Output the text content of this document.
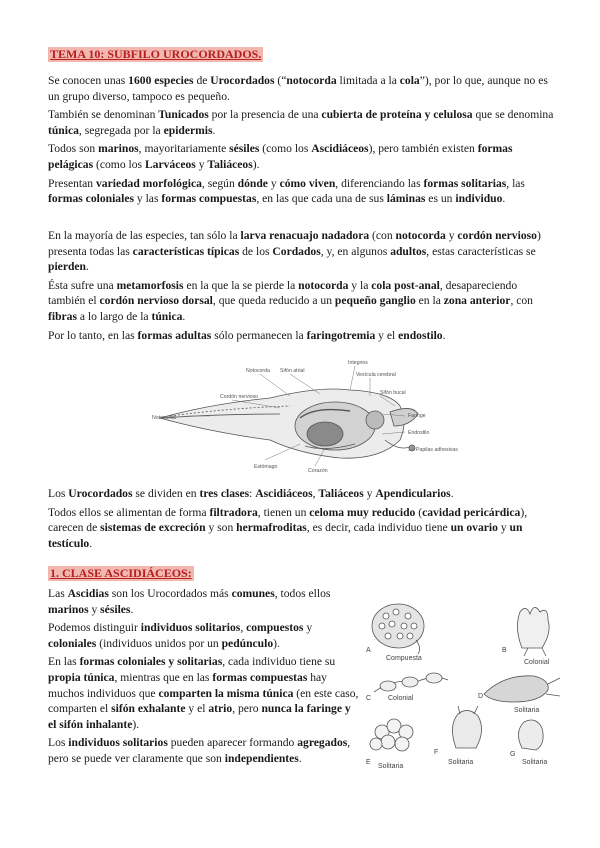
TEMA 10: SUBFILO UROCORDADOS.

Se conocen unas 1600 especies de Urocordados (“notocorda limitada a la cola”), por lo que, aunque no es un grupo diverso, tampoco es pequeño.

También se denominan Tunicados por la presencia de una cubierta de proteína y celulosa que se denomina túnica, segregada por la epidermis.

Todos son marinos, mayoritariamente sésiles (como los Ascidiáceos), pero también existen formas pelágicas (como los Larváceos y Taliáceos).

Presentan variedad morfológica, según dónde y cómo viven, diferenciando las formas solitarias, las formas coloniales y las formas compuestas, en las que cada una de sus láminas es un individuo.

En la mayoría de las especies, tan sólo la larva renacuajo nadadora (con notocorda y cordón nervioso) presenta todas las características típicas de los Cordados, y, en algunos adultos, estas características se pierden.

Ésta sufre una metamorfosis en la que la se pierde la notocorda y la cola post-anal, desapareciendo también el cordón nervioso dorsal, que queda reducido a un pequeño ganglio en la zona anterior, con fibras a lo largo de la túnica.

Por lo tanto, en las formas adultas sólo permanecen la faringotremia y el endostilo.

Integnos
Notocorda Sifón atrial
Vesícula cerebral
Sifón bucal
Cordón nervioso
Faringe
Notocorda
Endostilo
Papilas adhesivas
Estómago
Corazón

Los Urocordados se dividen en tres clases: Ascidiáceos, Taliáceos y Apendicularios.

Todos ellos se alimentan de forma filtradora, tienen un celoma muy reducido (cavidad pericárdica), carecen de sistemas de excreción y son hermafroditas, es decir, cada individuo tiene un ovario y un testículo.

1. CLASE ASCIDIÁCEOS:

Las Ascidias son los Urocordados más comunes, todos ellos marinos y sésiles.

Podemos distinguir individuos solitarios, compuestos y coloniales (individuos unidos por un pedúnculo).

En las formas coloniales y solitarias, cada individuo tiene su propia túnica, mientras que en las formas compuestas hay muchos individuos que comparten la misma túnica (en este caso, comparten el sifón exhalante y el atrio, pero nunca la faringe y el sifón inhalante).

Los individuos solitarios pueden aparecer formando agregados, pero se puede ver claramente que son independientes.

A
Compuesta
B
Colonial
C Colonial	D
Solitaria
E
Solitaria
F
Solitaria
G
Solitaria
